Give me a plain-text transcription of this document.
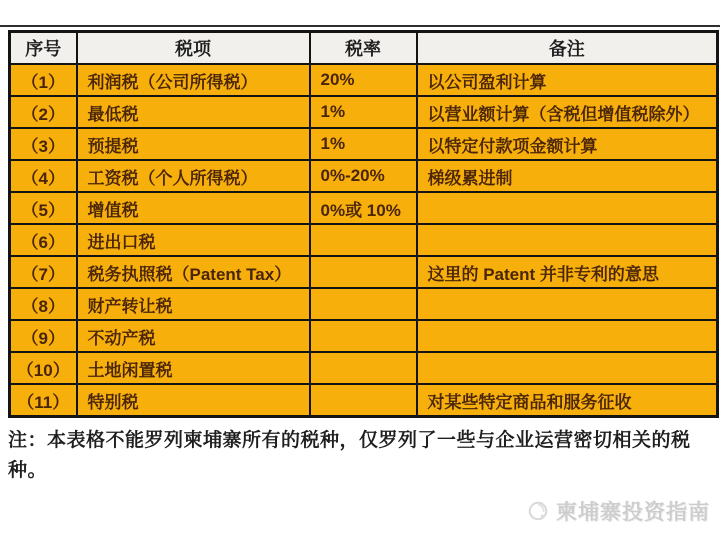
序号	税项	税率	备注
（1）	利润税（公司所得税）	20%	以公司盈利计算
（2）	最低税	1%	以营业额计算（含税但增值税除外）
（3）	预提税	1%	以特定付款项金额计算
（4）	工资税（个人所得税）	0%-20%	梯级累进制
（5）	增值税	0%或 10%	
（6）	进出口税		
（7）	税务执照税（Patent Tax）		这里的 Patent 并非专利的意思
（8）	财产转让税		
（9）	不动产税		
（10）	土地闲置税		
（11）	特别税		对某些特定商品和服务征收
注：本表格不能罗列柬埔寨所有的税种，仅罗列了一些与企业运营密切相关的税种。
柬埔寨投资指南
